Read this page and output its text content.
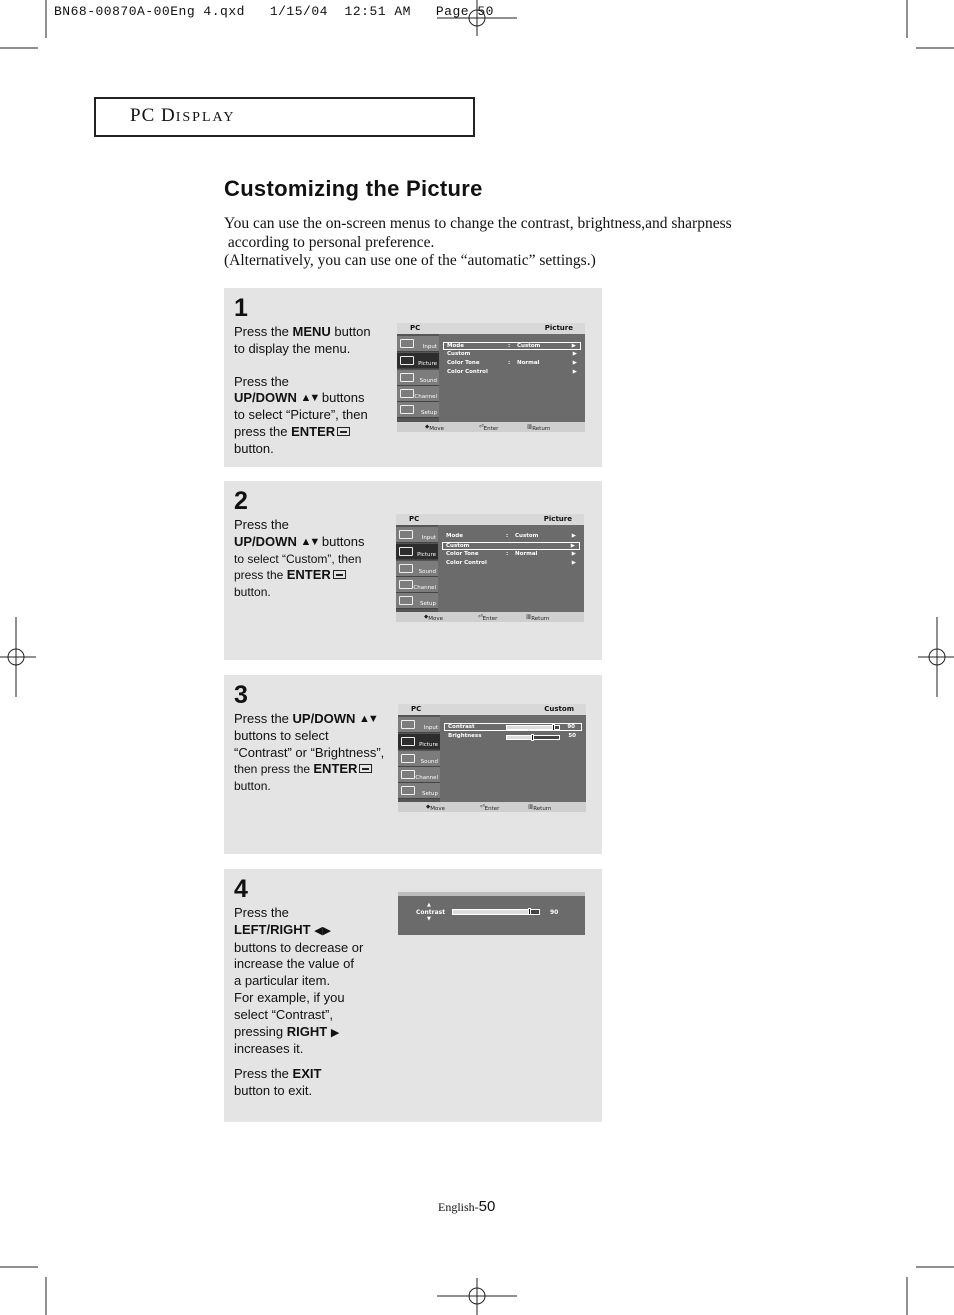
BN68-00870A-00Eng 4.qxd   1/15/04  12:51 AM   Page 50
PC DISPLAY
Customizing the Picture
You can use the on-screen menus to change the contrast, brightness,and sharpness
according to personal preference.
(Alternatively, you can use one of the “automatic” settings.)
1
Press the MENU button
to display the menu.
Press the
UP/DOWN ▲▼ buttons
to select “Picture”, then
press the ENTER
button.
PC	Picture
Input
Picture
Sound
Channel
Setup
Mode	: Custom	▶
Custom	▶
Color Tone	: Normal	▶
Color Control	▶
◆ Move	⏎ Enter	▥ Return
2
Press the
UP/DOWN ▲▼ buttons
to select “Custom”, then
press the ENTER
button.
PC	Picture
Input
Picture
Sound
Channel
Setup
Mode	: Custom	▶
Custom	▶
Color Tone	: Normal	▶
Color Control	▶
◆ Move	⏎ Enter	▥ Return
3
Press the UP/DOWN ▲▼
buttons to select
“Contrast” or “Brightness”,
then press the ENTER
button.
PC	Custom
Input
Picture
Sound
Channel
Setup
Contrast	90
Brightness	50
◆ Move	⏎ Enter	▥ Return
4
Press the
LEFT/RIGHT ◀▶
buttons to decrease or
increase the value of
a particular item.
For example, if you
select “Contrast”,
pressing RIGHT ▶
increases it.
Press the EXIT
button to exit.
▲
Contrast
▼
90
English-50
